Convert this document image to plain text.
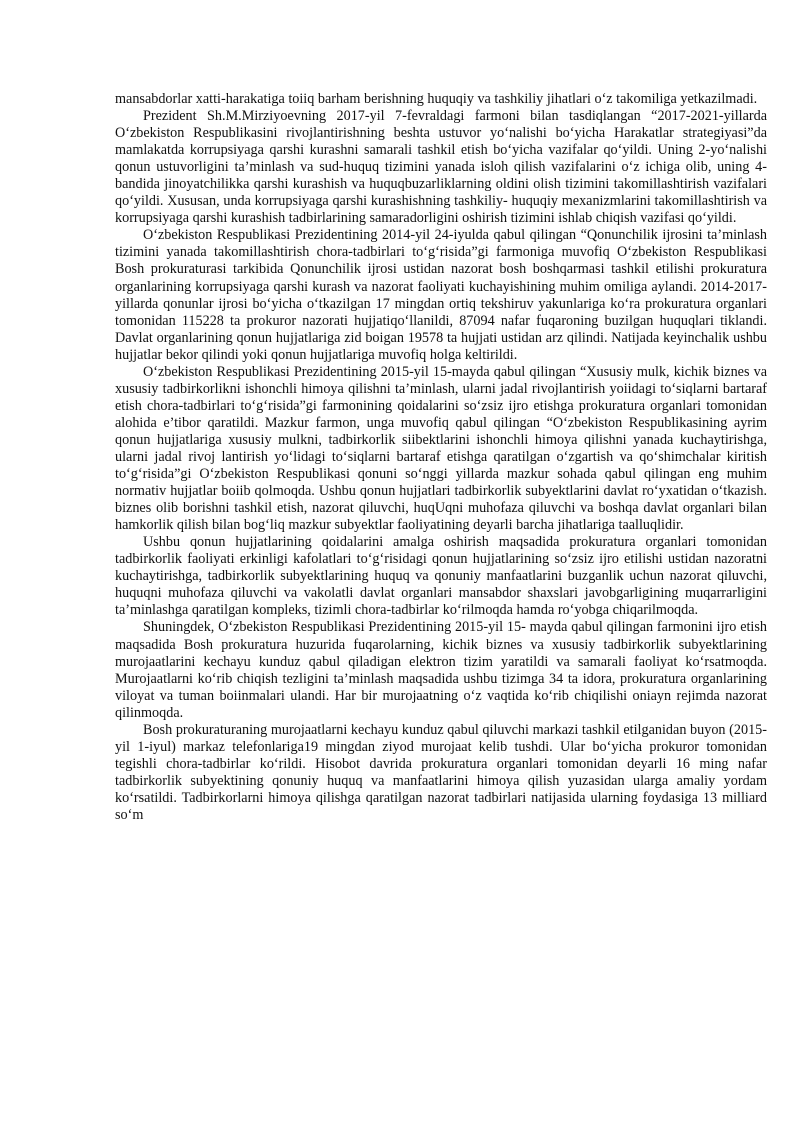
mansabdorlar xatti-harakatiga toiiq barham berishning huquqiy va tashkiliy jihatlari o‘z takomiliga yetkazilmadi.

Prezident Sh.M.Mirziyoevning 2017-yil 7-fevraldagi farmoni bilan tasdiqlangan “2017-2021-yillarda O‘zbekiston Respublikasini rivojlantirishning beshta ustuvor yo‘nalishi bo‘yicha Harakatlar strategiyasi”da mamlakatda korrupsiyaga qarshi kurashni samarali tashkil etish bo‘yicha vazifalar qo‘yildi. Uning 2-yo‘nalishi qonun ustuvorligini ta’minlash va sud-huquq tizimini yanada isloh qilish vazifalarini o‘z ichiga olib, uning 4-bandida jinoyatchilikka qarshi kurashish va huquqbuzarliklarning oldini olish tizimini takomillashtirish vazifalari qo‘yildi. Xususan, unda korrupsiyaga qarshi kurashishning tashkiliy- huquqiy mexanizmlarini takomillashtirish va korrupsiyaga qarshi kurashish tadbirlarining samaradorligini oshirish tizimini ishlab chiqish vazifasi qo‘yildi.

O‘zbekiston Respublikasi Prezidentining 2014-yil 24-iyulda qabul qilingan “Qonunchilik ijrosini ta’minlash tizimini yanada takomillashtirish chora-tadbirlari to‘g‘risida”gi farmoniga muvofiq O‘zbekiston Respublikasi Bosh prokuraturasi tarkibida Qonunchilik ijrosi ustidan nazorat bosh boshqarmasi tashkil etilishi prokuratura organlarining korrupsiyaga qarshi kurash va nazorat faoliyati kuchayishining muhim omiliga aylandi. 2014-2017-yillarda qonunlar ijrosi bo‘yicha o‘tkazilgan 17 mingdan ortiq tekshiruv yakunlariga ko‘ra prokuratura organlari tomonidan 115228 ta prokuror nazorati hujjatiqo‘llanildi, 87094 nafar fuqaroning buzilgan huquqlari tiklandi. Davlat organlarining qonun hujjatlariga zid boigan 19578 ta hujjati ustidan arz qilindi. Natijada keyinchalik ushbu hujjatlar bekor qilindi yoki qonun hujjatlariga muvofiq holga keltirildi.

O‘zbekiston Respublikasi Prezidentining 2015-yil 15-mayda qabul qilingan “Xususiy mulk, kichik biznes va xususiy tadbirkorlikni ishonchli himoya qilishni ta’minlash, ularni jadal rivojlantirish yoiidagi to‘siqlarni bartaraf etish chora-tadbirlari to‘g‘risida”gi farmonining qoidalarini so‘zsiz ijro etishga prokuratura organlari tomonidan alohida e’tibor qaratildi. Mazkur farmon, unga muvofiq qabul qilingan “O‘zbekiston Respublikasining ayrim qonun hujjatlariga xususiy mulkni, tadbirkorlik siibektlarini ishonchli himoya qilishni yanada kuchaytirishga, ularni jadal rivoj lantirish yo‘lidagi to‘siqlarni bartaraf etishga qaratilgan o‘zgartish va qo‘shimchalar kiritish to‘g‘risida”gi O‘zbekiston Respublikasi qonuni so‘nggi yillarda mazkur sohada qabul qilingan eng muhim normativ hujjatlar boiib qolmoqda. Ushbu qonun hujjatlari tadbirkorlik subyektlarini davlat ro‘yxatidan o‘tkazish. biznes olib borishni tashkil etish, nazorat qiluvchi, huqUqni muhofaza qiluvchi va boshqa davlat organlari bilan hamkorlik qilish bilan bog‘liq mazkur subyektlar faoliyatining deyarli barcha jihatlariga taalluqlidir.

Ushbu qonun hujjatlarining qoidalarini amalga oshirish maqsadida prokuratura organlari tomonidan tadbirkorlik faoliyati erkinligi kafolatlari to‘g‘risidagi qonun hujjatlarining so‘zsiz ijro etilishi ustidan nazoratni kuchaytirishga, tadbirkorlik subyektlarining huquq va qonuniy manfaatlarini buzganlik uchun nazorat qiluvchi, huquqni muhofaza qiluvchi va vakolatli davlat organlari mansabdor shaxslari javobgarligining muqarrarligini ta’minlashga qaratilgan kompleks, tizimli chora-tadbirlar ko‘rilmoqda hamda ro‘yobga chiqarilmoqda.

Shuningdek, O‘zbekiston Respublikasi Prezidentining 2015-yil 15- mayda qabul qilingan farmonini ijro etish maqsadida Bosh prokuratura huzurida fuqarolarning, kichik biznes va xususiy tadbirkorlik subyektlarining murojaatlarini kechayu kunduz qabul qiladigan elektron tizim yaratildi va samarali faoliyat ko‘rsatmoqda. Murojaatlarni ko‘rib chiqish tezligini ta’minlash maqsadida ushbu tizimga 34 ta idora, prokuratura organlarining viloyat va tuman boiinmalari ulandi. Har bir murojaatning o‘z vaqtida ko‘rib chiqilishi oniayn rejimda nazorat qilinmoqda.

Bosh prokuraturaning murojaatlarni kechayu kunduz qabul qiluvchi markazi tashkil etilganidan buyon (2015-yil 1-iyul) markaz telefonlariga19 mingdan ziyod murojaat kelib tushdi. Ular bo‘yicha prokuror tomonidan tegishli chora-tadbirlar ko‘rildi. Hisobot davrida prokuratura organlari tomonidan deyarli 16 ming nafar tadbirkorlik subyektining qonuniy huquq va manfaatlarini himoya qilish yuzasidan ularga amaliy yordam ko‘rsatildi. Tadbirkorlarni himoya qilishga qaratilgan nazorat tadbirlari natijasida ularning foydasiga 13 milliard so‘m
